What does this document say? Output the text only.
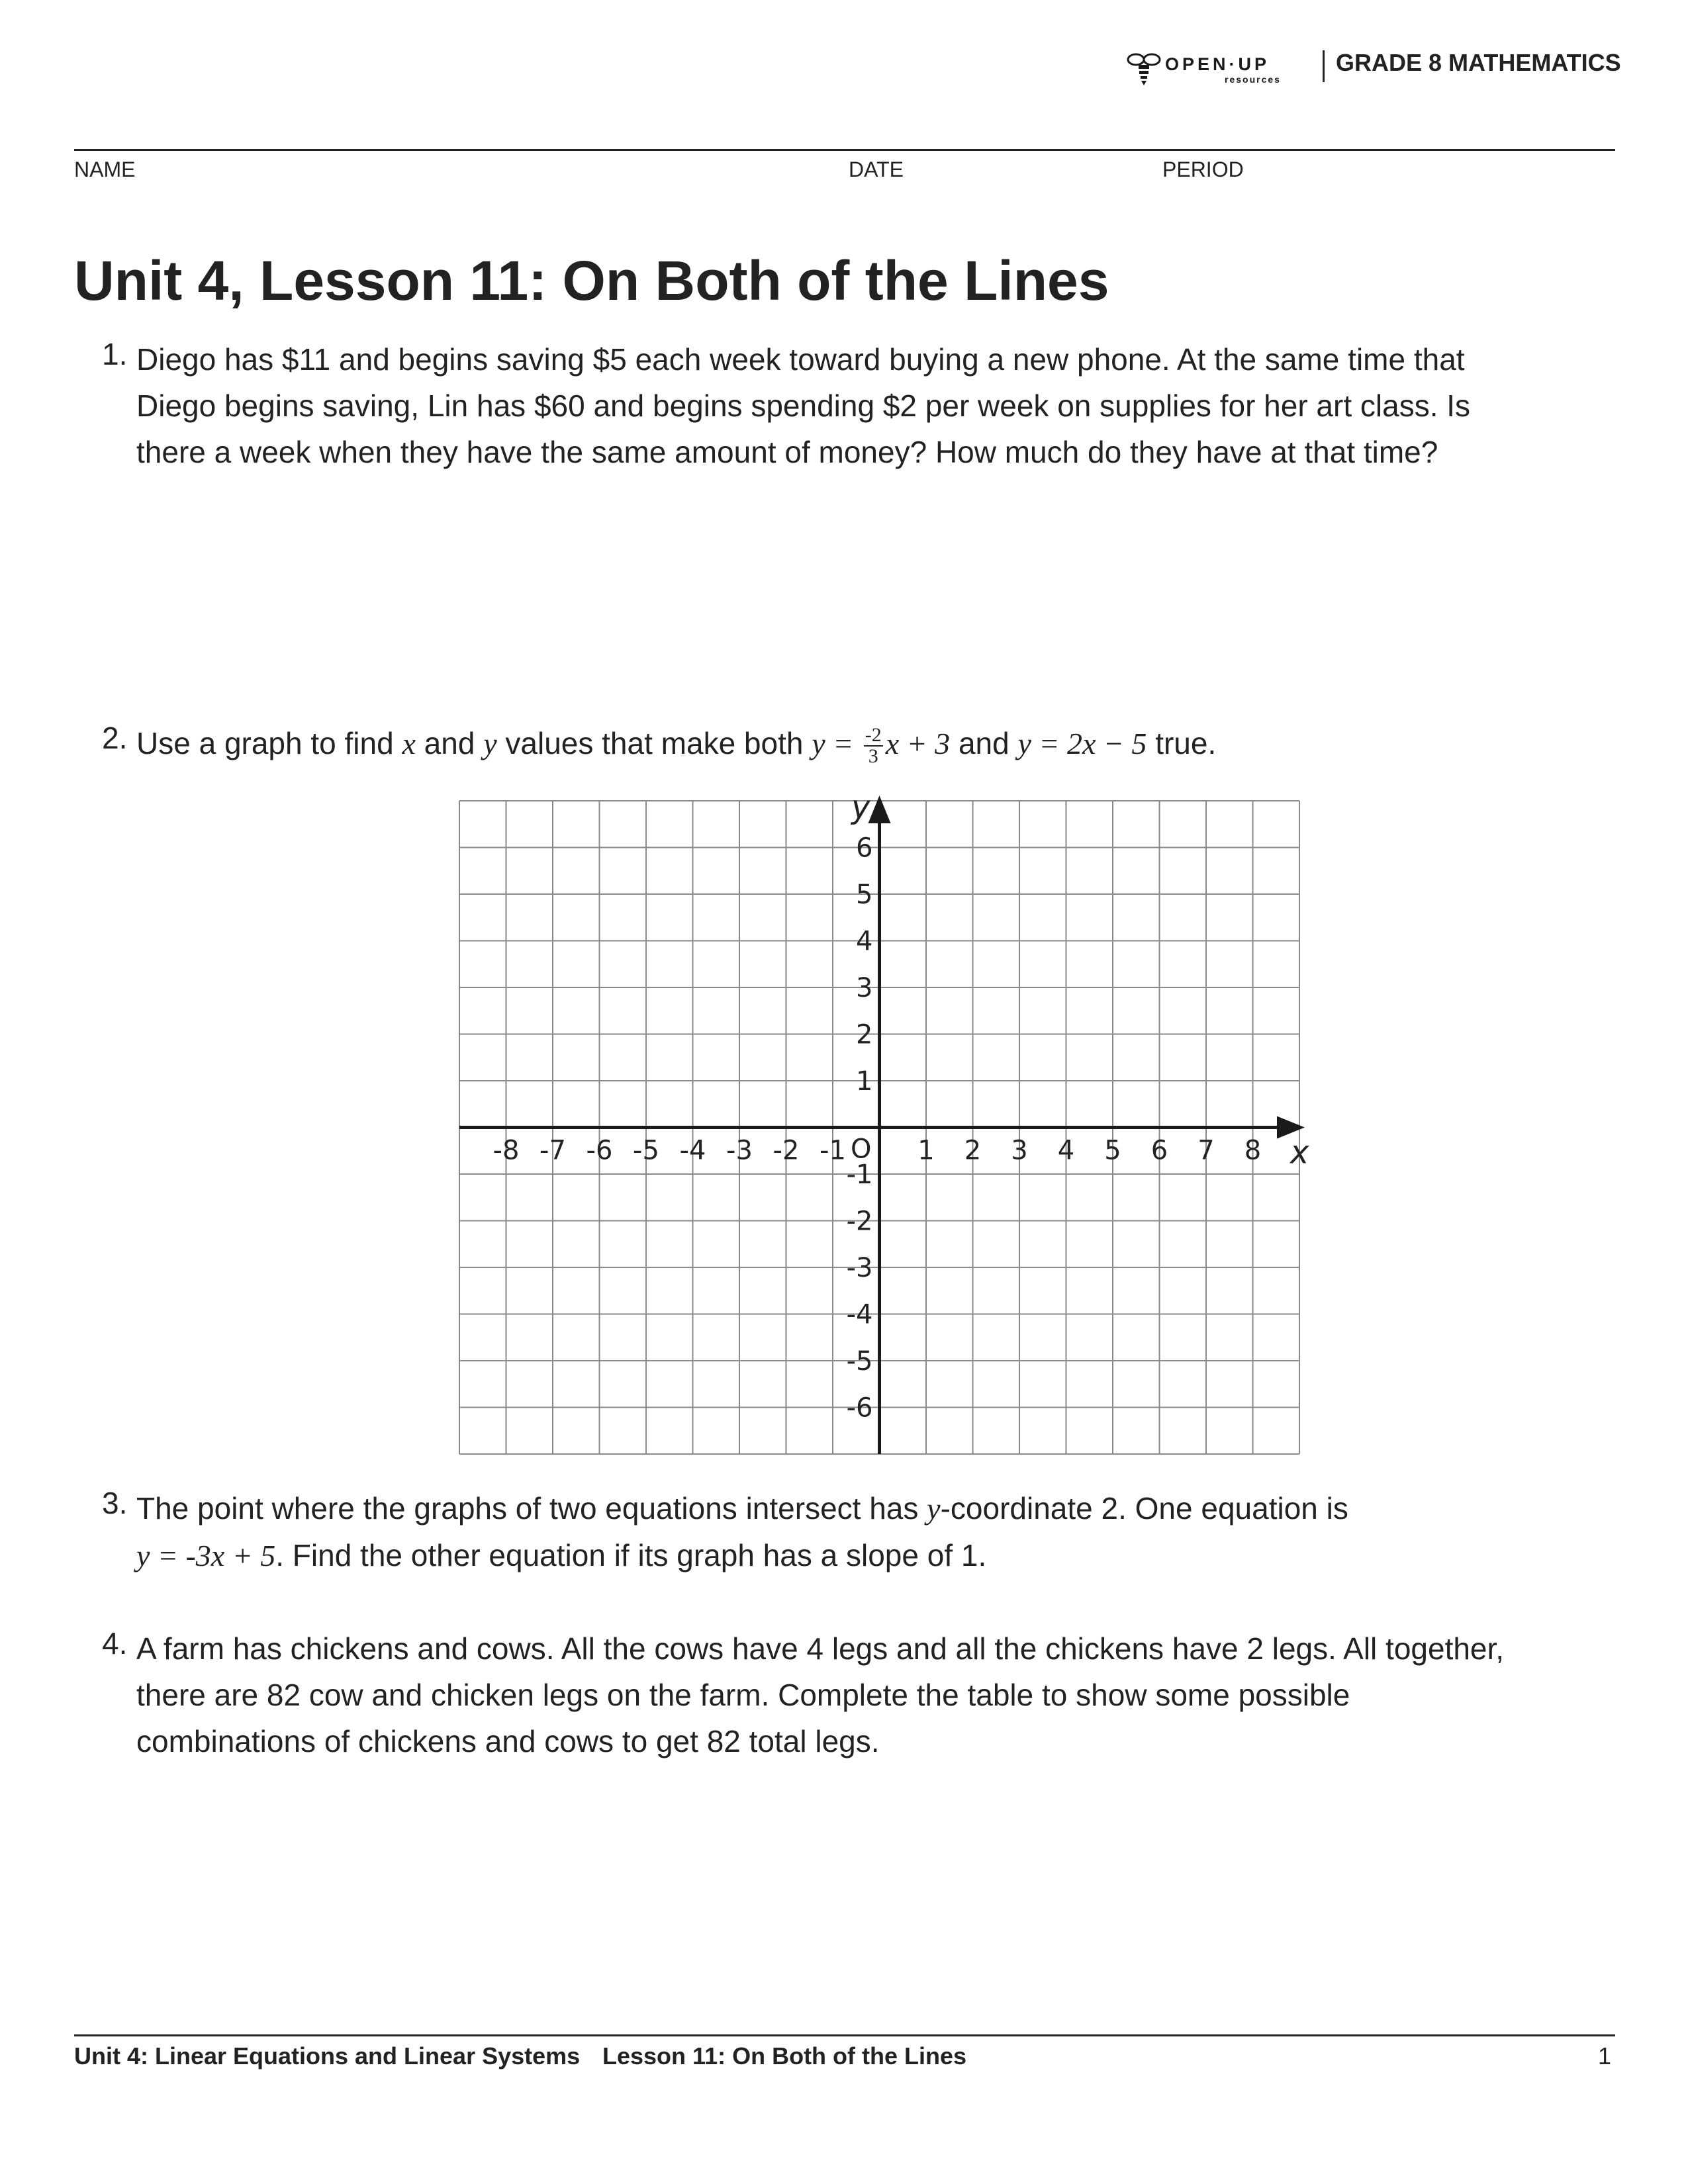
OPEN·UP
resources
GRADE 8 MATHEMATICS
NAME	DATE	PERIOD
Unit 4, Lesson 11: On Both of the Lines
1. Diego has $11 and begins saving $5 each week toward buying a new phone. At the same time that
Diego begins saving, Lin has $60 and begins spending $2 per week on supplies for her art class. Is
there a week when they have the same amount of money? How much do they have at that time?
2. Use a graph to find x and y values that make both $y = \frac{-2}{3}$ x + 3 and y = 2x − 5 true.
-8 -7 -6 -5 -4 -3 -2 -1	1 2 3 4 5 6 7 8
6
5
4
3
2
1
-1
-2
-3
-4
-5
-6
O	x
y
3. The point where the graphs of two equations intersect has y-coordinate 2. One equation is
y = -3x + 5. Find the other equation if its graph has a slope of 1.
4. A farm has chickens and cows. All the cows have 4 legs and all the chickens have 2 legs. All together,
there are 82 cow and chicken legs on the farm. Complete the table to show some possible
combinations of chickens and cows to get 82 total legs.
Unit 4: Linear Equations and Linear Systems Lesson 11: On Both of the Lines	1
